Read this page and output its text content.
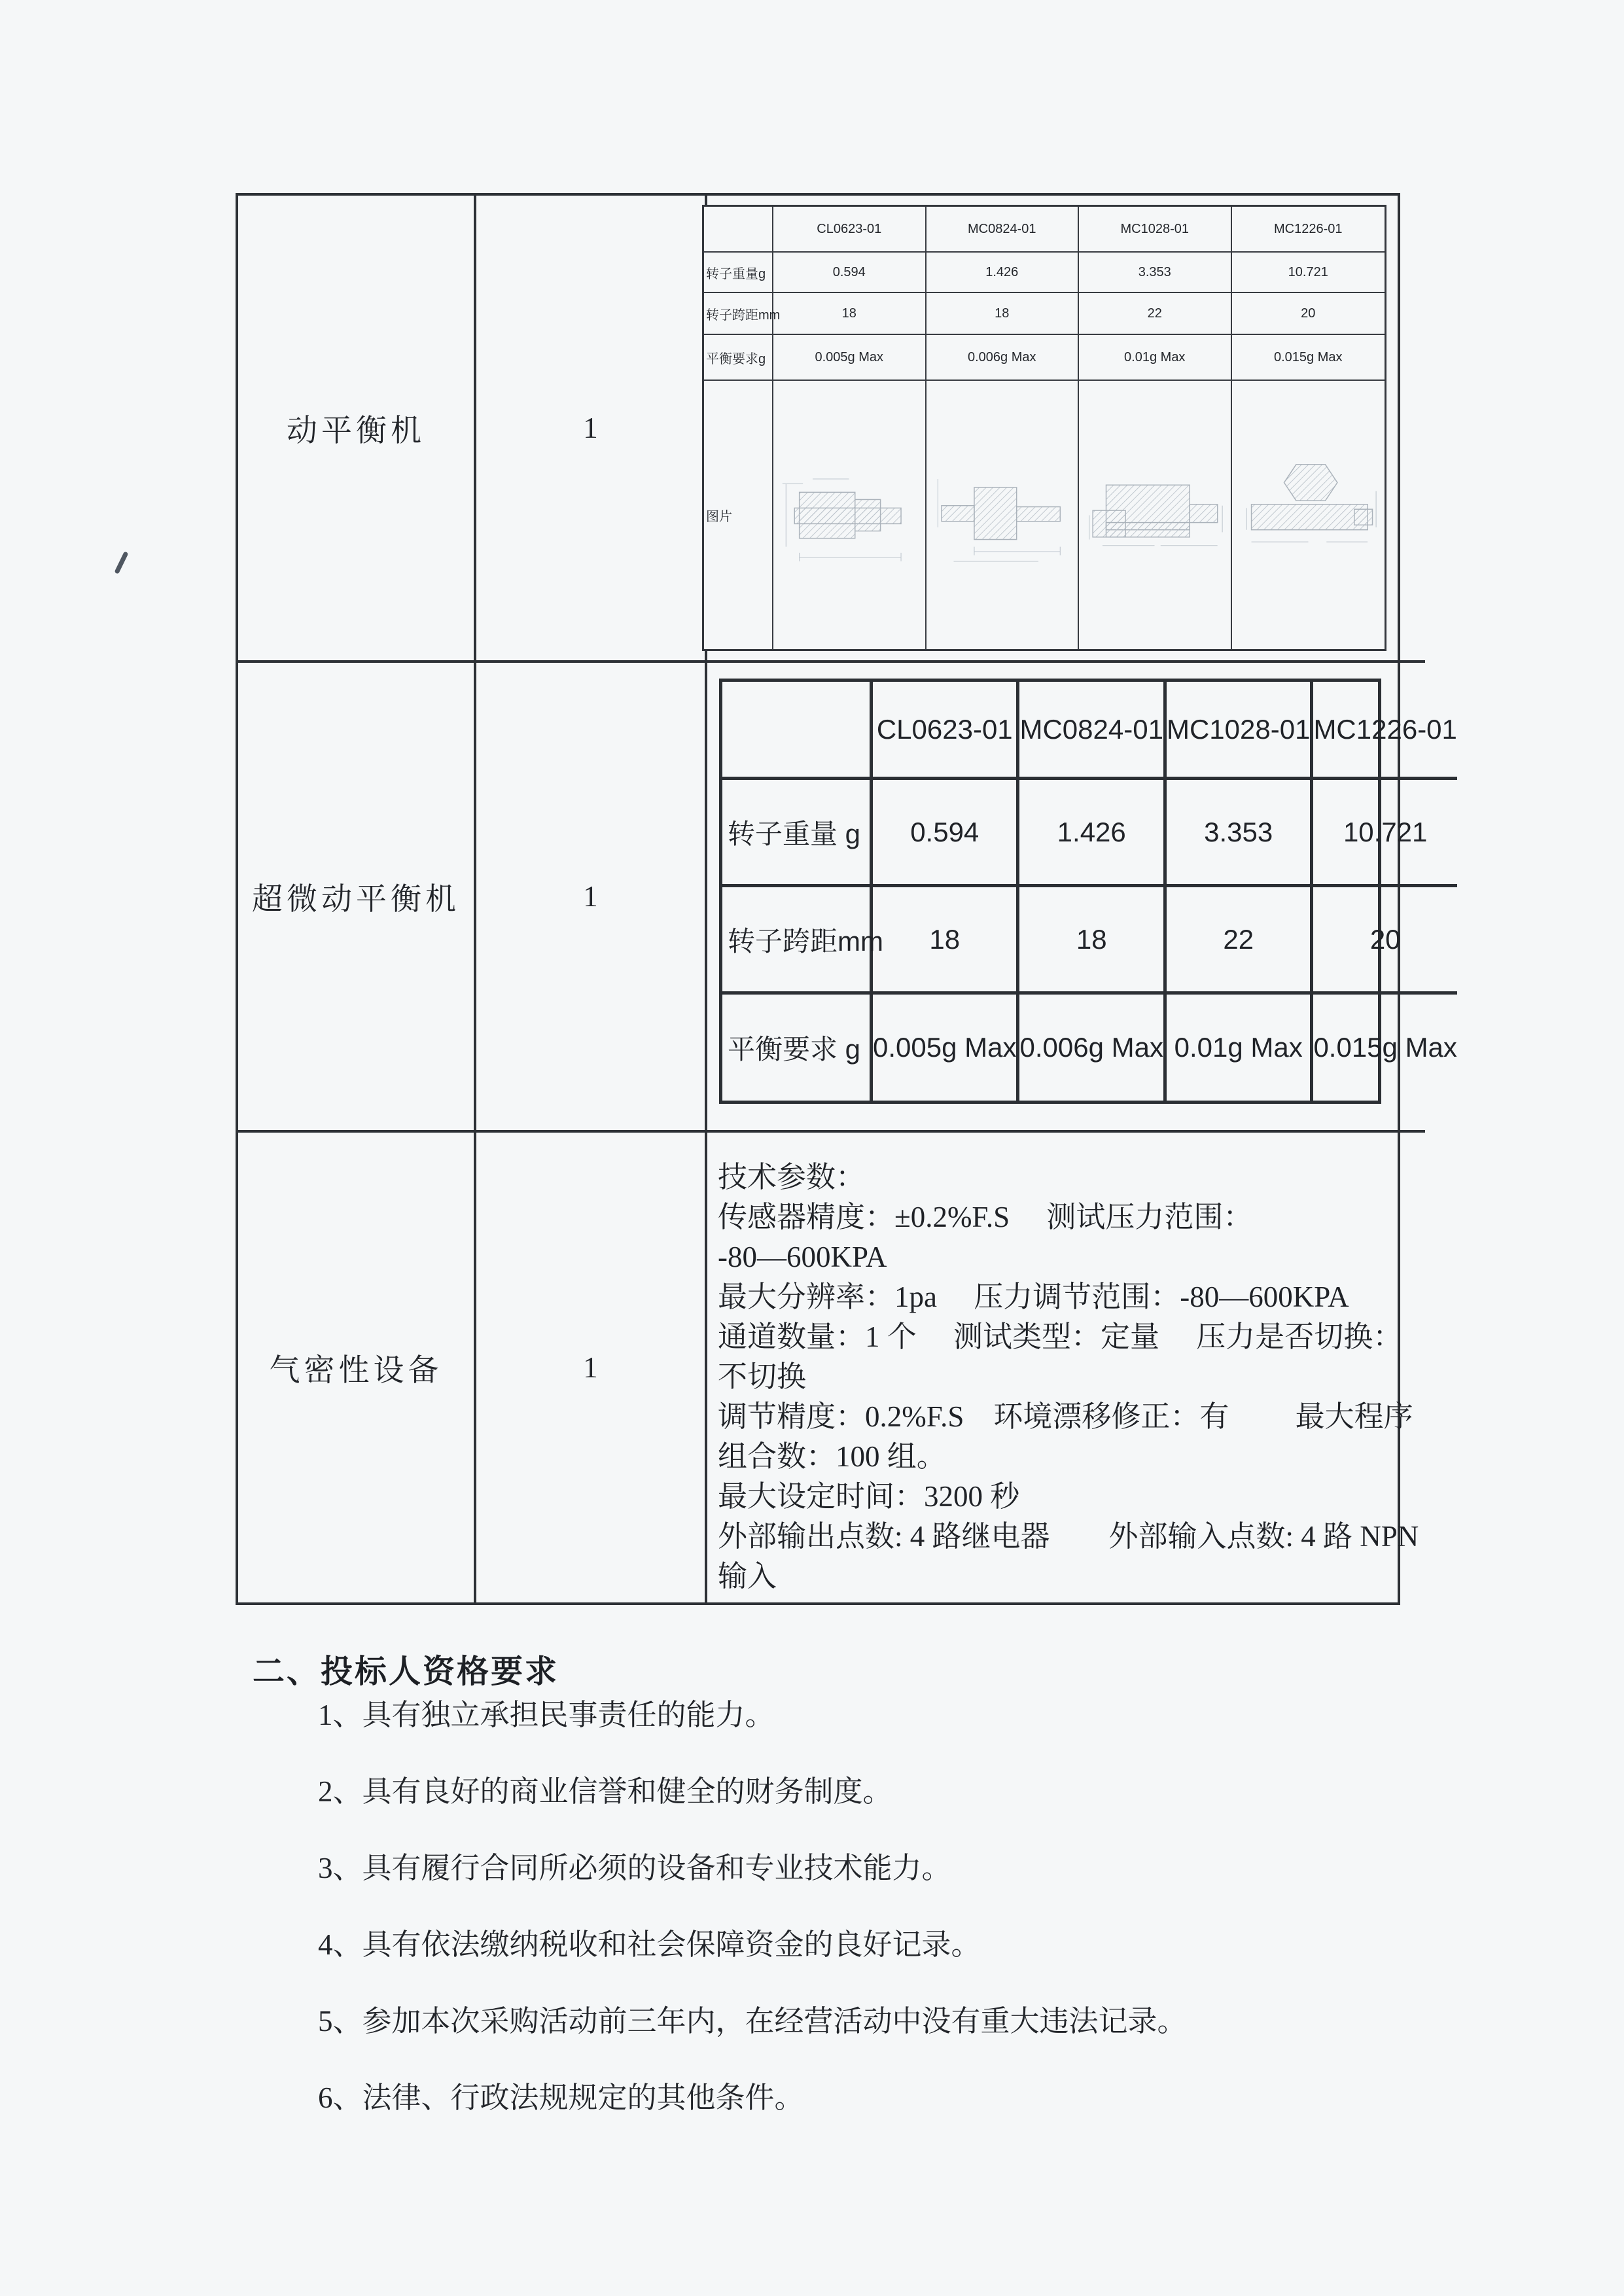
动平衡机	1
CL0623-01	MC0824-01	MC1028-01	MC1226-01
转子重量g	0.594	1.426	3.353	10.721
转子跨距mm	18	18	22	20
平衡要求g	0.005g Max	0.006g Max	0.01g Max	0.015g Max
图片
超微动平衡机	1
CL0623-01 MC0824-01 MC1028-01 MC1226-01
转子重量 g	0.594	1.426	3.353	10.721
转子跨距mm	18	18	22	20
平衡要求 g 0.005g Max 0.006g Max 0.01g Max 0.015g Max
气密性设备	1
技术参数：
传感器精度：±0.2%F.S　 测试压力范围：
-80—600KPA
最大分辨率：1pa　 压力调节范围：-80—600KPA
通道数量：1 个　 测试类型：定量　 压力是否切换：
不切换
调节精度：0.2%F.S　环境漂移修正：有　　 最大程序
组合数：100 组。
最大设定时间：3200 秒
外部输出点数: 4 路继电器　　外部输入点数: 4 路 NPN
输入
二、投标人资格要求
1、具有独立承担民事责任的能力。
2、具有良好的商业信誉和健全的财务制度。
3、具有履行合同所必须的设备和专业技术能力。
4、具有依法缴纳税收和社会保障资金的良好记录。
5、参加本次采购活动前三年内，在经营活动中没有重大违法记录。
6、法律、行政法规规定的其他条件。
